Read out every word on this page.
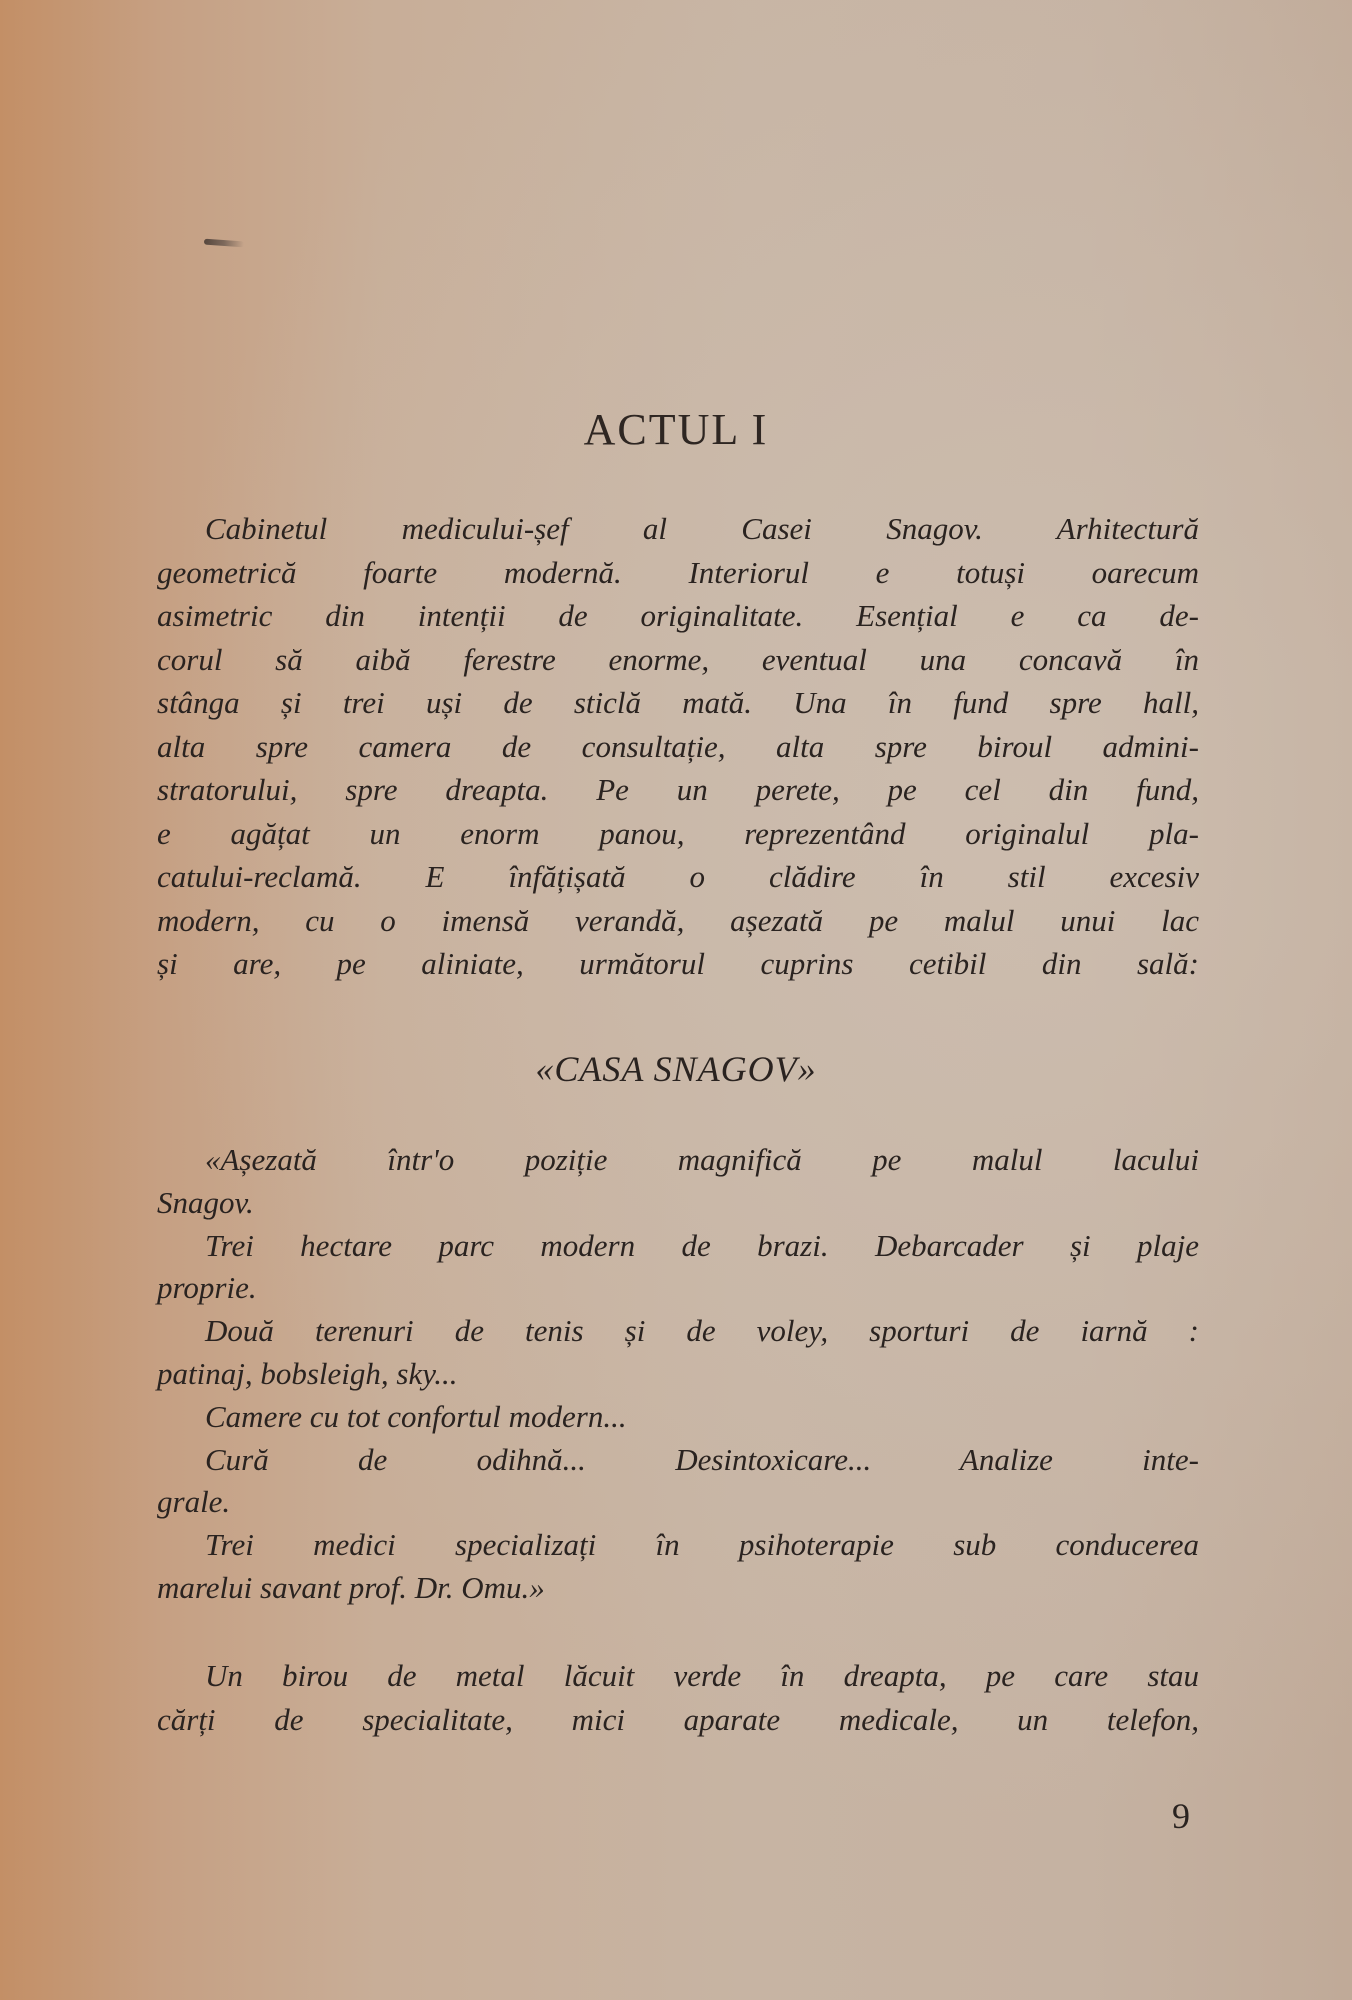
ACTUL I
Cabinetul medicului-șef al Casei Snagov. Arhitectură
geometrică foarte modernă. Interiorul e totuși oarecum
asimetric din intenții de originalitate. Esențial e ca de-
corul să aibă ferestre enorme, eventual una concavă în
stânga și trei uși de sticlă mată. Una în fund spre hall,
alta spre camera de consultație, alta spre biroul admini-
stratorului, spre dreapta. Pe un perete, pe cel din fund,
e agățat un enorm panou, reprezentând originalul pla-
catului-reclamă. E înfățișată o clădire în stil excesiv
modern, cu o imensă verandă, așezată pe malul unui lac
și are, pe aliniate, următorul cuprins cetibil din sală:
«CASA SNAGOV»
«Așezată într'o poziție magnifică pe malul lacului
Snagov.
Trei hectare parc modern de brazi. Debarcader și plaje
proprie.
Două terenuri de tenis și de voley, sporturi de iarnă :
patinaj, bobsleigh, sky...
Camere cu tot confortul modern...
Cură de odihnă... Desintoxicare... Analize inte-
grale.
Trei medici specializați în psihoterapie sub conducerea
marelui savant prof. Dr. Omu.»
Un birou de metal lăcuit verde în dreapta, pe care stau
cărți de specialitate, mici aparate medicale, un telefon,
9
